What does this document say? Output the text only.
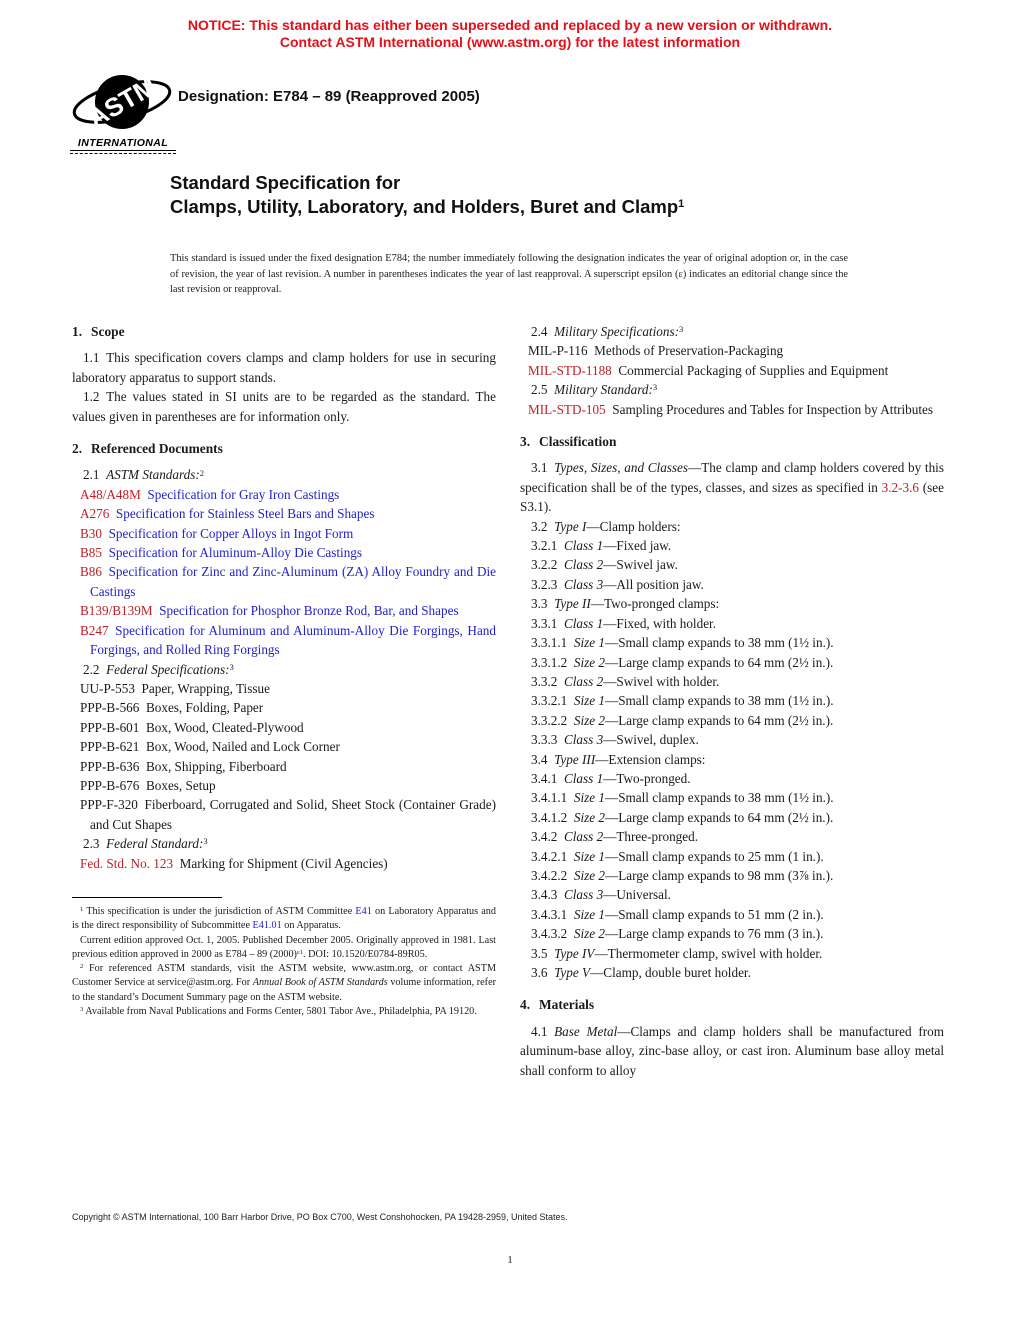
NOTICE: This standard has either been superseded and replaced by a new version or withdrawn.
Contact ASTM International (www.astm.org) for the latest information
ASTM
INTERNATIONAL
Designation: E784 – 89 (Reapproved 2005)
Standard Specification for
Clamps, Utility, Laboratory, and Holders, Buret and Clamp$^1$

This standard is issued under the fixed designation E784; the number immediately following the designation indicates the year of original adoption or, in the case of revision, the year of last revision. A number in parentheses indicates the year of last reapproval. A superscript epsilon (ε) indicates an editorial change since the last revision or reapproval.

1. Scope
1.1 This specification covers clamps and clamp holders for use in securing laboratory apparatus to support stands.
1.2 The values stated in SI units are to be regarded as the standard. The values given in parentheses are for information only.
2. Referenced Documents
2.1 ASTM Standards:$^2$
A48/A48M Specification for Gray Iron Castings
A276 Specification for Stainless Steel Bars and Shapes
B30 Specification for Copper Alloys in Ingot Form
B85 Specification for Aluminum-Alloy Die Castings
B86 Specification for Zinc and Zinc-Aluminum (ZA) Alloy Foundry and Die Castings
B139/B139M Specification for Phosphor Bronze Rod, Bar, and Shapes
B247 Specification for Aluminum and Aluminum-Alloy Die Forgings, Hand Forgings, and Rolled Ring Forgings
2.2 Federal Specifications:$^3$
UU-P-553 Paper, Wrapping, Tissue
PPP-B-566 Boxes, Folding, Paper
PPP-B-601 Box, Wood, Cleated-Plywood
PPP-B-621 Box, Wood, Nailed and Lock Corner
PPP-B-636 Box, Shipping, Fiberboard
PPP-B-676 Boxes, Setup
PPP-F-320 Fiberboard, Corrugated and Solid, Sheet Stock (Container Grade) and Cut Shapes
2.3 Federal Standard:$^3$
Fed. Std. No. 123 Marking for Shipment (Civil Agencies)
$^1$ This specification is under the jurisdiction of ASTM Committee E41 on Laboratory Apparatus and is the direct responsibility of Subcommittee E41.01 on Apparatus.
Current edition approved Oct. 1, 2005. Published December 2005. Originally approved in 1981. Last previous edition approved in 2000 as E784 – 89 $(2000)^{\varepsilon 1}$. DOI: 10.1520/E0784-89R05.
$^2$ For referenced ASTM standards, visit the ASTM website, www.astm.org, or contact ASTM Customer Service at service@astm.org. For Annual Book of ASTM Standards volume information, refer to the standard’s Document Summary page on the ASTM website.
$^3$ Available from Naval Publications and Forms Center, 5801 Tabor Ave., Philadelphia, PA 19120.
2.4 Military Specifications:$^3$
MIL-P-116 Methods of Preservation-Packaging
MIL-STD-1188 Commercial Packaging of Supplies and Equipment
2.5 Military Standard:$^3$
MIL-STD-105 Sampling Procedures and Tables for Inspection by Attributes
3. Classification
3.1 Types, Sizes, and Classes—The clamp and clamp holders covered by this specification shall be of the types, classes, and sizes as specified in 3.2-3.6 (see S3.1).
3.2 Type I—Clamp holders:
3.2.1 Class 1—Fixed jaw.
3.2.2 Class 2—Swivel jaw.
3.2.3 Class 3—All position jaw.
3.3 Type II—Two-pronged clamps:
3.3.1 Class 1—Fixed, with holder.
3.3.1.1 Size 1—Small clamp expands to 38 mm (1½ in.).
3.3.1.2 Size 2—Large clamp expands to 64 mm (2½ in.).
3.3.2 Class 2—Swivel with holder.
3.3.2.1 Size 1—Small clamp expands to 38 mm (1½ in.).
3.3.2.2 Size 2—Large clamp expands to 64 mm (2½ in.).
3.3.3 Class 3—Swivel, duplex.
3.4 Type III—Extension clamps:
3.4.1 Class 1—Two-pronged.
3.4.1.1 Size 1—Small clamp expands to 38 mm (1½ in.).
3.4.1.2 Size 2—Large clamp expands to 64 mm (2½ in.).
3.4.2 Class 2—Three-pronged.
3.4.2.1 Size 1—Small clamp expands to 25 mm (1 in.).
3.4.2.2 Size 2—Large clamp expands to 98 mm (3⅞ in.).
3.4.3 Class 3—Universal.
3.4.3.1 Size 1—Small clamp expands to 51 mm (2 in.).
3.4.3.2 Size 2—Large clamp expands to 76 mm (3 in.).
3.5 Type IV—Thermometer clamp, swivel with holder.
3.6 Type V—Clamp, double buret holder.
4. Materials
4.1 Base Metal—Clamps and clamp holders shall be manufactured from aluminum-base alloy, zinc-base alloy, or cast iron. Aluminum base alloy metal shall conform to alloy
Copyright © ASTM International, 100 Barr Harbor Drive, PO Box C700, West Conshohocken, PA 19428-2959, United States.
1
